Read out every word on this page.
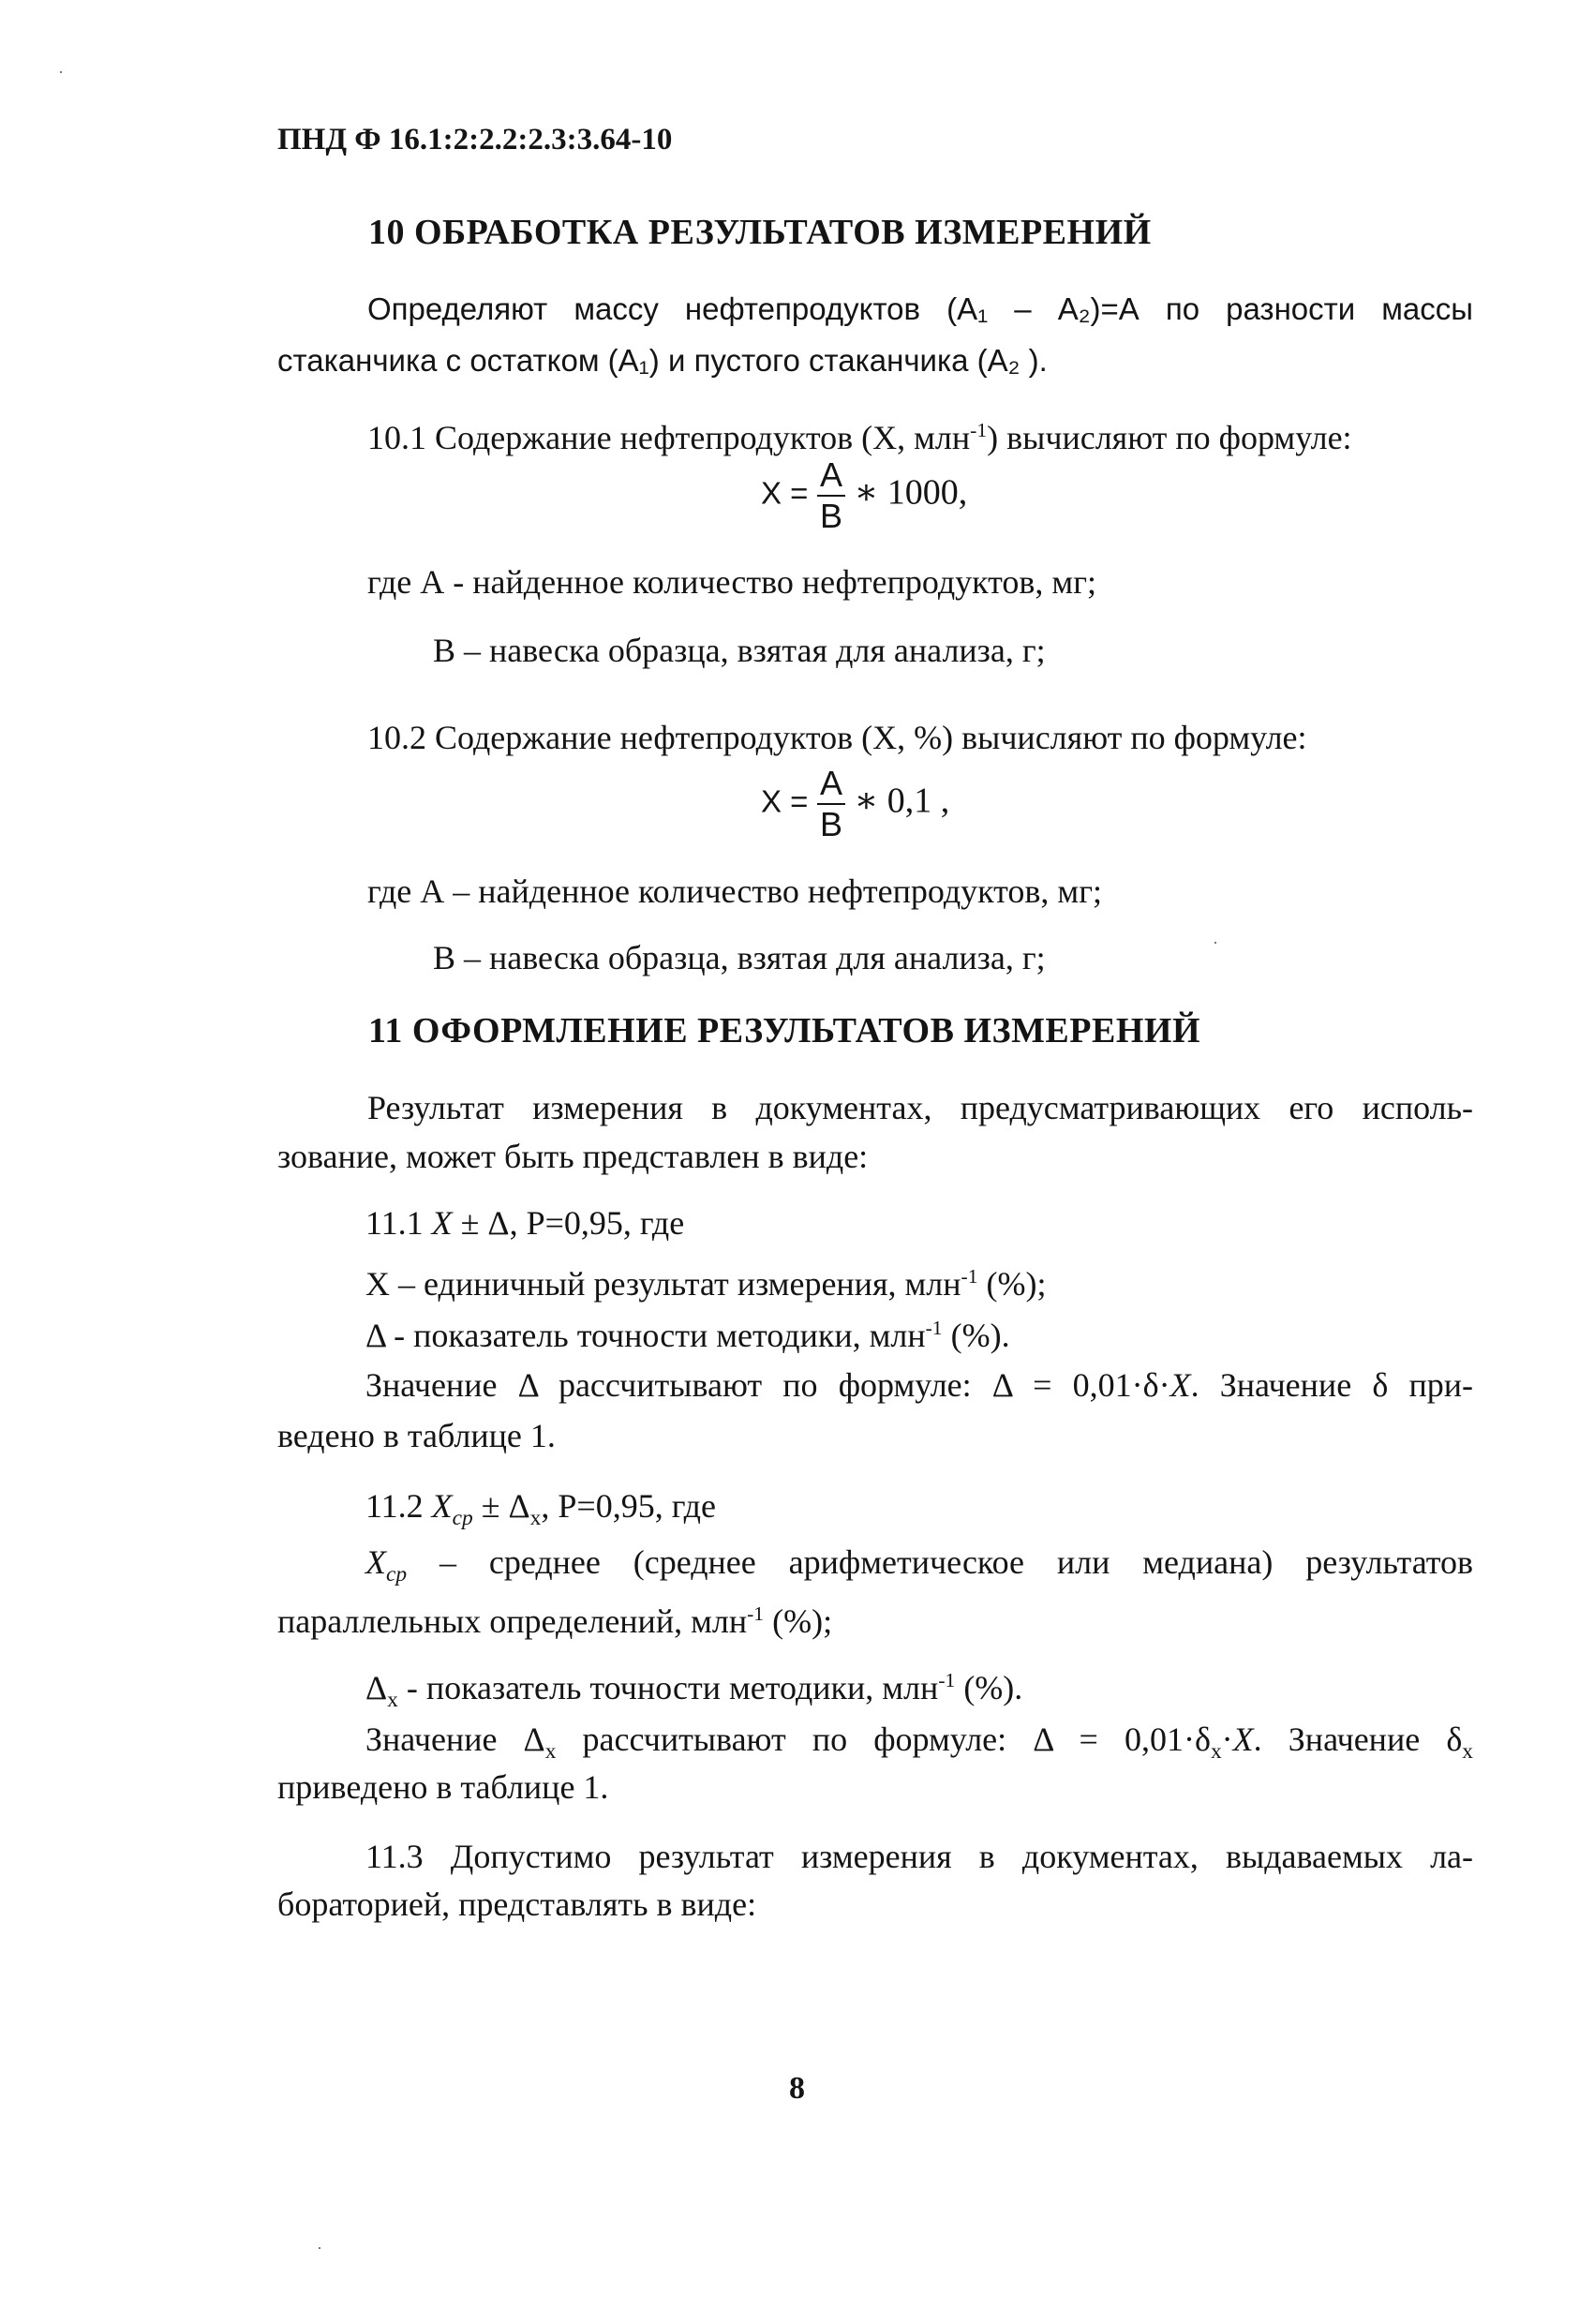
ПНД Ф 16.1:2:2.2:2.3:3.64-10
10 ОБРАБОТКА РЕЗУЛЬТАТОВ ИЗМЕРЕНИЙ
Определяют массу нефтепродуктов (А₁ – А₂)=А по разности массы
стаканчика с остатком (А₁) и пустого стаканчика (А₂ ).
10.1 Содержание нефтепродуктов (X, млн$^{-1}$) вычисляют по формуле:
$X = \frac{A}{B}$ ∗ 1000,
где А - найденное количество нефтепродуктов, мг;
В – навеска образца, взятая для анализа, г;
10.2 Содержание нефтепродуктов (X, %) вычисляют по формуле:
$X = \frac{A}{B}$ ∗ 0,1 ,
где А – найденное количество нефтепродуктов, мг;
В – навеска образца, взятая для анализа, г;
11 ОФОРМЛЕНИЕ РЕЗУЛЬТАТОВ ИЗМЕРЕНИЙ
Результат измерения в документах, предусматривающих его исполь-
зование, может быть представлен в виде:
11.1 X ± Δ, P=0,95, где
X – единичный результат измерения, млн$^{-1}$ (%);
Δ - показатель точности методики, млн$^{-1}$ (%).
Значение Δ рассчитывают по формуле: Δ = 0,01·δ·X. Значение δ при-
ведено в таблице 1.
11.2 $X_{ср} \pm \Delta_x$, P=0,95, где
$X_{ср}$ – среднее (среднее арифметическое или медиана) результатов
параллельных определений, млн$^{-1}$ (%);
$\Delta_x$ - показатель точности методики, млн$^{-1}$ (%).
Значение $\Delta_x$ рассчитывают по формуле: $\Delta = 0,01\cdot\delta_x\cdot X$. Значение $\delta_x$
приведено в таблице 1.
11.3 Допустимо результат измерения в документах, выдаваемых ла-
бораторией, представлять в виде:
8
